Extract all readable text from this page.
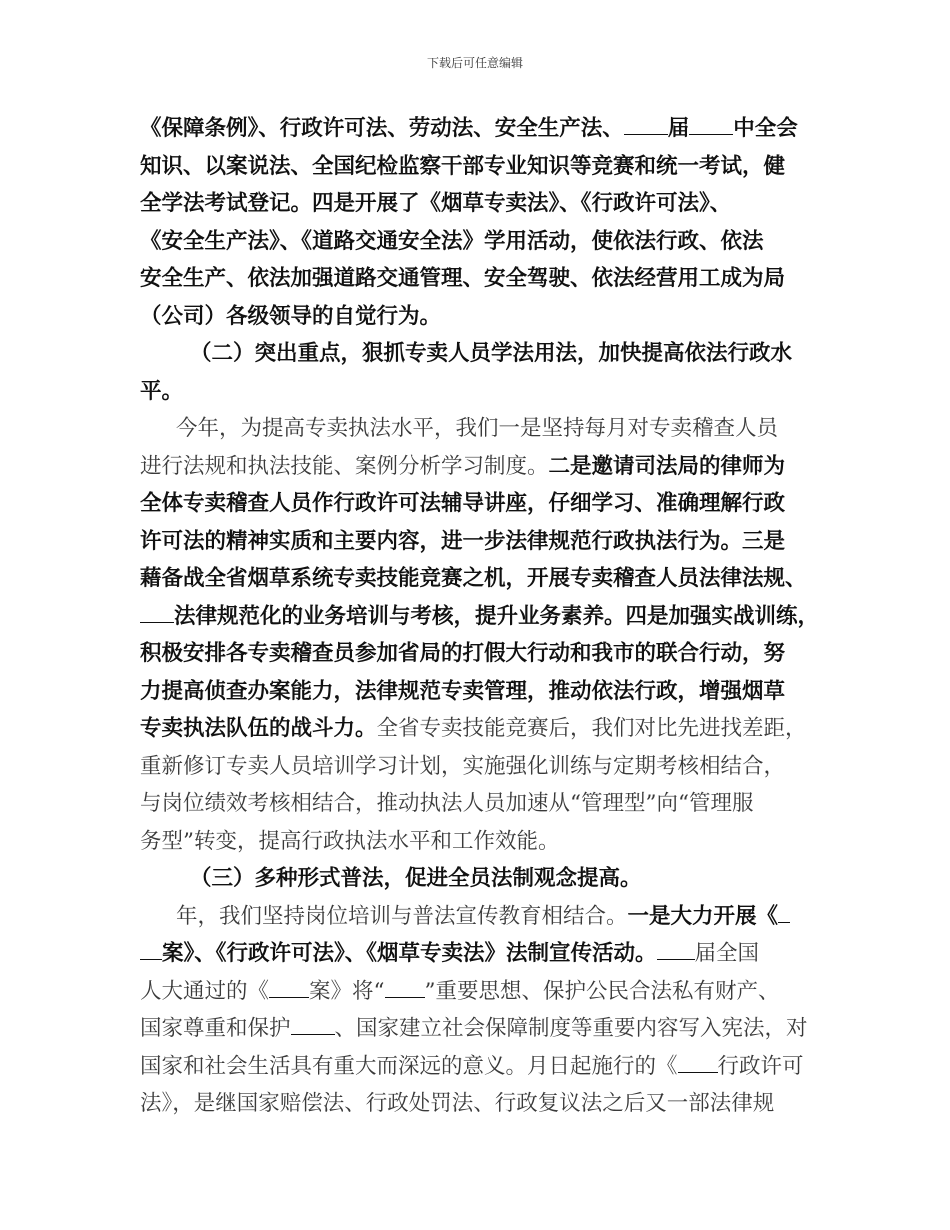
下载后可任意编辑
《保障条例》、行政许可法、劳动法、安全生产法、 届 中全会
知识、以案说法、全国纪检监察干部专业知识等竞赛和统一考试，健
全学法考试登记。四是开展了《烟草专卖法》、《行政许可法》、
《安全生产法》、《道路交通安全法》学用活动，使依法行政、依法
安全生产、依法加强道路交通管理、安全驾驶、依法经营用工成为局
（公司）各级领导的自觉行为。
（二）突出重点，狠抓专卖人员学法用法，加快提高依法行政水
平。
今年，为提高专卖执法水平，我们一是坚持每月对专卖稽查人员
进行法规和执法技能、案例分析学习制度。二是邀请司法局的律师为
全体专卖稽查人员作行政许可法辅导讲座，仔细学习、准确理解行政
许可法的精神实质和主要内容，进一步法律规范行政执法行为。三是
藉备战全省烟草系统专卖技能竞赛之机，开展专卖稽查人员法律法规、
法律规范化的业务培训与考核，提升业务素养。四是加强实战训练，
积极安排各专卖稽查员参加省局的打假大行动和我市的联合行动，努
力提高侦查办案能力，法律规范专卖管理，推动依法行政，增强烟草
专卖执法队伍的战斗力。全省专卖技能竞赛后，我们对比先进找差距，
重新修订专卖人员培训学习计划，实施强化训练与定期考核相结合，
与岗位绩效考核相结合，推动执法人员加速从“管理型”向“管理服
务型”转变，提高行政执法水平和工作效能。
（三）多种形式普法，促进全员法制观念提高。
年，我们坚持岗位培训与普法宣传教育相结合。一是大力开展《
案》、《行政许可法》、《烟草专卖法》法制宣传活动。 届全国
人大通过的《 案》将“ ”重要思想、保护公民合法私有财产、
国家尊重和保护 、国家建立社会保障制度等重要内容写入宪法，对
国家和社会生活具有重大而深远的意义。月日起施行的《 行政许可
法》，是继国家赔偿法、行政处罚法、行政复议法之后又一部法律规
